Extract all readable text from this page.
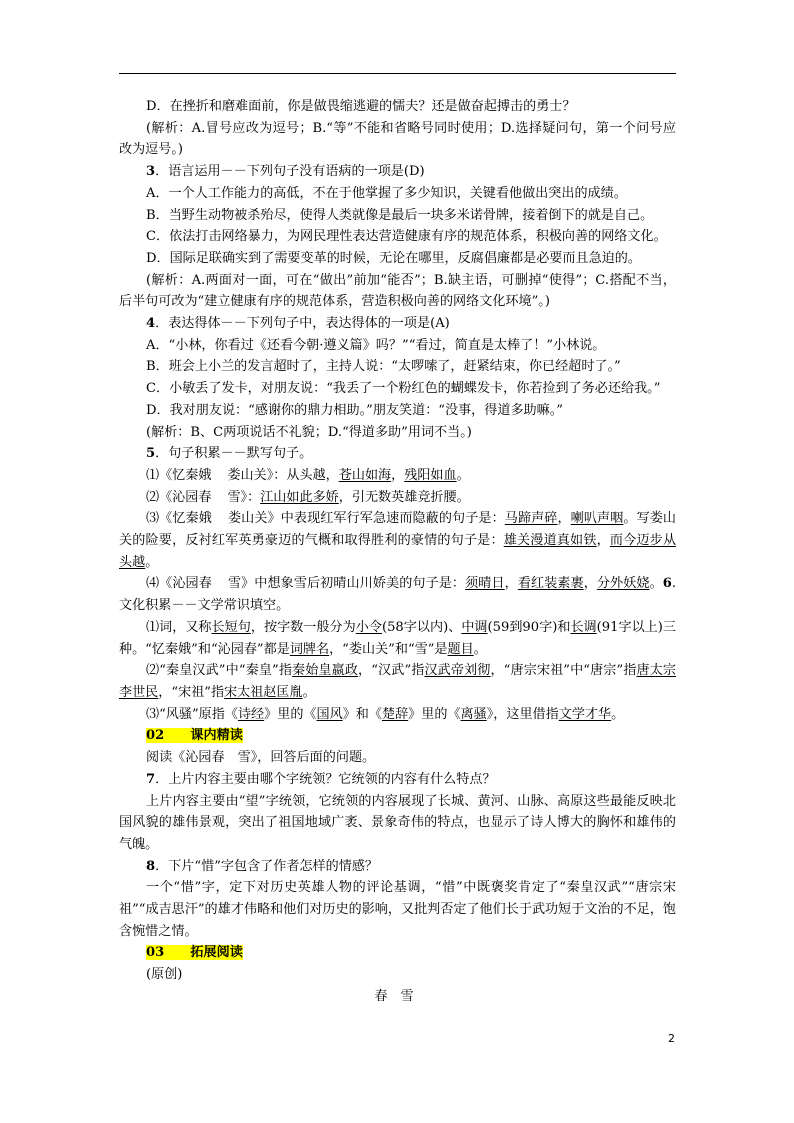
D．在挫折和磨难面前，你是做畏缩逃避的懦夫？还是做奋起搏击的勇士？

(解析：A.冒号应改为逗号；B.“等”不能和省略号同时使用；D.选择疑问句，第一个问号应改为逗号。)

3．语言运用－－下列句子没有语病的一项是(D)

A．一个人工作能力的高低，不在于他掌握了多少知识，关键看他做出突出的成绩。

B．当野生动物被杀殆尽，使得人类就像是最后一块多米诺骨牌，接着倒下的就是自己。

C．依法打击网络暴力，为网民理性表达营造健康有序的规范体系，积极向善的网络文化。

D．国际足联确实到了需要变革的时候，无论在哪里，反腐倡廉都是必要而且急迫的。

(解析：A.两面对一面，可在“做出”前加“能否”；B.缺主语，可删掉“使得”；C.搭配不当，后半句可改为“建立健康有序的规范体系，营造积极向善的网络文化环境”。)

4．表达得体－－下列句子中，表达得体的一项是(A)

A．“小林，你看过《还看今朝·遵义篇》吗？”“看过，简直是太棒了！”小林说。

B．班会上小兰的发言超时了，主持人说：“太啰嗦了，赶紧结束，你已经超时了。”

C．小敏丢了发卡，对朋友说：“我丢了一个粉红色的蝴蝶发卡，你若捡到了务必还给我。”

D．我对朋友说：“感谢你的鼎力相助。”朋友笑道：“没事，得道多助嘛。”

(解析：B、C两项说话不礼貌；D.“得道多助”用词不当。)

5．句子积累－－默写句子。

⑴《忆秦娥 娄山关》：从头越，苍山如海，残阳如血。

⑵《沁园春 雪》：江山如此多娇，引无数英雄竞折腰。

⑶《忆秦娥 娄山关》中表现红军行军急速而隐蔽的句子是：马蹄声碎，喇叭声咽。写娄山关的险要，反衬红军英勇豪迈的气概和取得胜利的豪情的句子是：雄关漫道真如铁，而今迈步从头越。

⑷《沁园春 雪》中想象雪后初晴山川娇美的句子是：须晴日，看红装素裹，分外妖娆。6.文化积累－－文学常识填空。

⑴词，又称长短句，按字数一般分为小令(58字以内)、中调(59到90字)和长调(91字以上)三种。“忆秦娥”和“沁园春”都是词牌名，“娄山关”和“雪”是题目。

⑵“秦皇汉武”中“秦皇”指秦始皇嬴政，“汉武”指汉武帝刘彻，“唐宗宋祖”中“唐宗”指唐太宗李世民，“宋祖”指宋太祖赵匡胤。

⑶“风骚”原指《诗经》里的《国风》和《楚辞》里的《离骚》，这里借指文学才华。

02　　课内精读

阅读《沁园春　雪》，回答后面的问题。

7．上片内容主要由哪个字统领？它统领的内容有什么特点？

上片内容主要由“望”字统领，它统领的内容展现了长城、黄河、山脉、高原这些最能反映北国风貌的雄伟景观，突出了祖国地域广袤、景象奇伟的特点，也显示了诗人博大的胸怀和雄伟的气魄。

8．下片“惜”字包含了作者怎样的情感？

一个“惜”字，定下对历史英雄人物的评论基调，“惜”中既褒奖肯定了“秦皇汉武”“唐宗宋祖”“成吉思汗”的雄才伟略和他们对历史的影响，又批判否定了他们长于武功短于文治的不足，饱含惋惜之情。

03　　拓展阅读

(原创)

春雪

2
